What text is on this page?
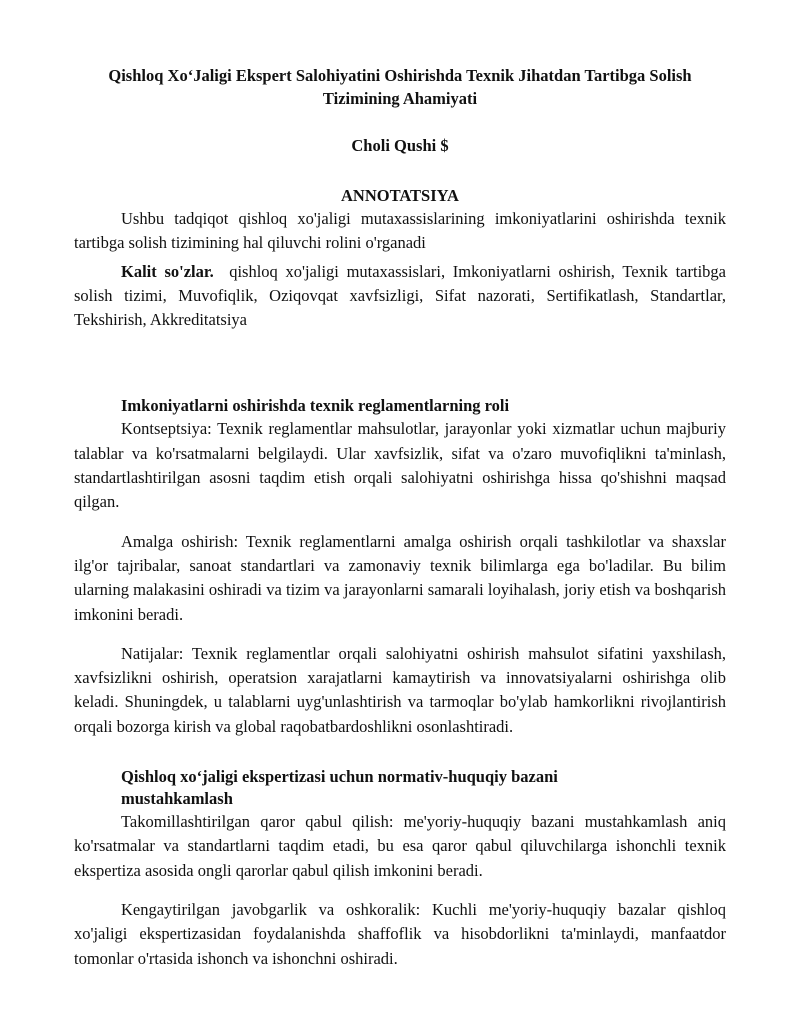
Qishloq Xo‘Jaligi Ekspert Salohiyatini Oshirishda Texnik Jihatdan Tartibga Solish Tizimining Ahamiyati
Choli Qushi $
ANNOTATSIYA

Ushbu tadqiqot qishloq xo'jaligi mutaxassislarining imkoniyatlarini oshirishda texnik tartibga solish tizimining hal qiluvchi rolini o'rganadi

Kalit so'zlar. qishloq xo'jaligi mutaxassislari, Imkoniyatlarni oshirish, Texnik tartibga solish tizimi, Muvofiqlik, Oziqovqat xavfsizligi, Sifat nazorati, Sertifikatlash, Standartlar, Tekshirish, Akkreditatsiya

Imkoniyatlarni oshirishda texnik reglamentlarning roli

Kontseptsiya: Texnik reglamentlar mahsulotlar, jarayonlar yoki xizmatlar uchun majburiy talablar va ko'rsatmalarni belgilaydi. Ular xavfsizlik, sifat va o'zaro muvofiqlikni ta'minlash, standartlashtirilgan asosni taqdim etish orqali salohiyatni oshirishga hissa qo'shishni maqsad qilgan.

Amalga oshirish: Texnik reglamentlarni amalga oshirish orqali tashkilotlar va shaxslar ilg'or tajribalar, sanoat standartlari va zamonaviy texnik bilimlarga ega bo'ladilar. Bu bilim ularning malakasini oshiradi va tizim va jarayonlarni samarali loyihalash, joriy etish va boshqarish imkonini beradi.

Natijalar: Texnik reglamentlar orqali salohiyatni oshirish mahsulot sifatini yaxshilash, xavfsizlikni oshirish, operatsion xarajatlarni kamaytirish va innovatsiyalarni oshirishga olib keladi. Shuningdek, u talablarni uyg'unlashtirish va tarmoqlar bo'ylab hamkorlikni rivojlantirish orqali bozorga kirish va global raqobatbardoshlikni osonlashtiradi.

Qishloq xo‘jaligi ekspertizasi uchun normativ-huquqiy bazani mustahkamlash

Takomillashtirilgan qaror qabul qilish: me'yoriy-huquqiy bazani mustahkamlash aniq ko'rsatmalar va standartlarni taqdim etadi, bu esa qaror qabul qiluvchilarga ishonchli texnik ekspertiza asosida ongli qarorlar qabul qilish imkonini beradi.

Kengaytirilgan javobgarlik va oshkoralik: Kuchli me'yoriy-huquqiy bazalar qishloq xo'jaligi ekspertizasidan foydalanishda shaffoflik va hisobdorlikni ta'minlaydi, manfaatdor tomonlar o'rtasida ishonch va ishonchni oshiradi.
